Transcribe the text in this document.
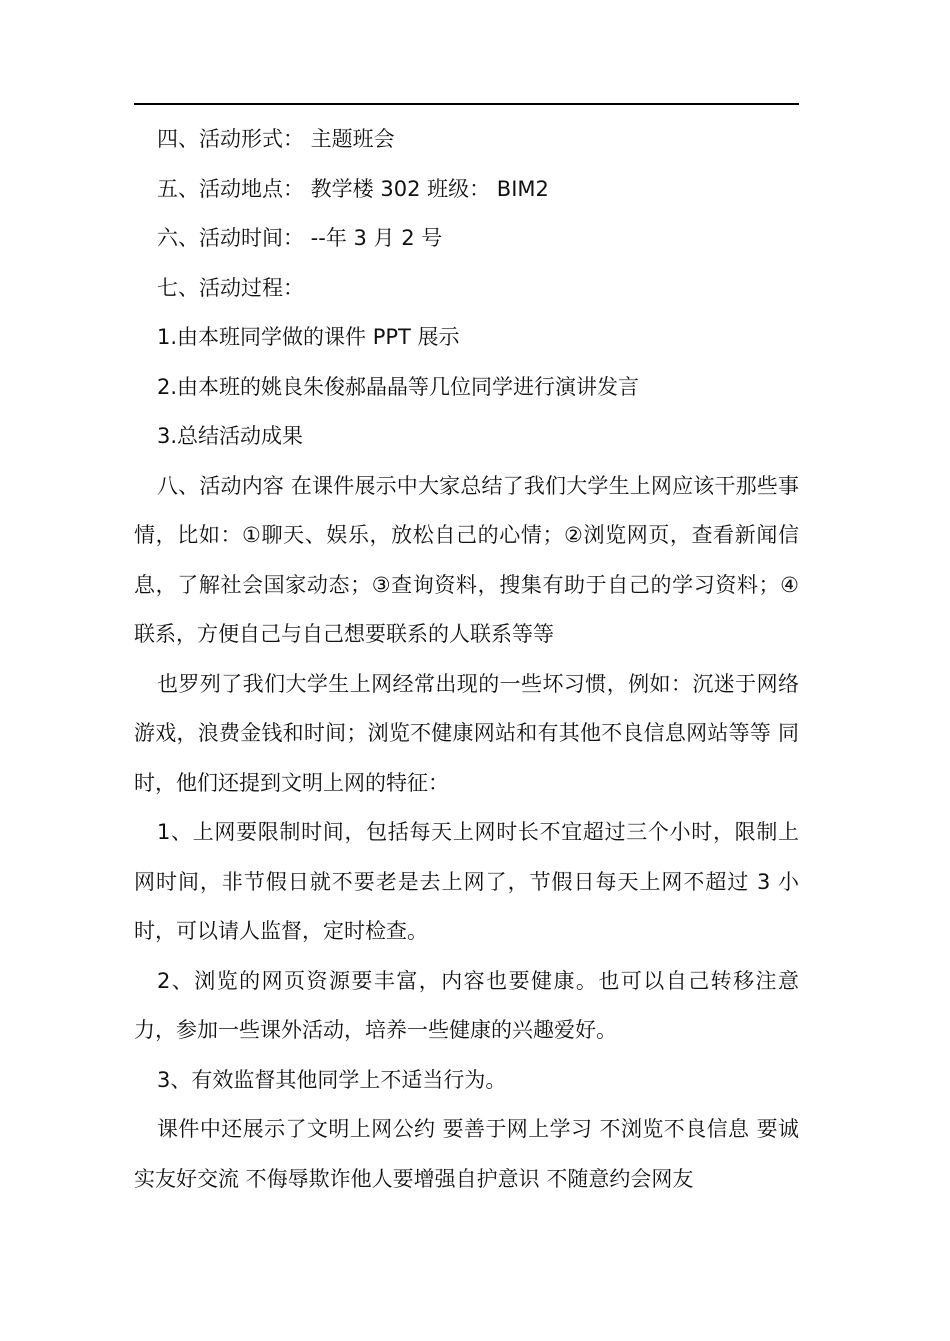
四、活动形式： 主题班会

五、活动地点： 教学楼 302 班级： BIM2

六、活动时间： --年 3 月 2 号

七、活动过程：

1.由本班同学做的课件 PPT 展示

2.由本班的姚良朱俊郝晶晶等几位同学进行演讲发言

3.总结活动成果

八、活动内容 在课件展示中大家总结了我们大学生上网应该干那些事情，比如：①聊天、娱乐，放松自己的心情；②浏览网页，查看新闻信息，了解社会国家动态；③查询资料，搜集有助于自己的学习资料；④联系，方便自己与自己想要联系的人联系等等

也罗列了我们大学生上网经常出现的一些坏习惯，例如：沉迷于网络游戏，浪费金钱和时间；浏览不健康网站和有其他不良信息网站等等 同时，他们还提到文明上网的特征：

1、上网要限制时间，包括每天上网时长不宜超过三个小时，限制上网时间，非节假日就不要老是去上网了，节假日每天上网不超过 3 小时，可以请人监督，定时检查。

2、浏览的网页资源要丰富，内容也要健康。也可以自己转移注意力，参加一些课外活动，培养一些健康的兴趣爱好。

3、有效监督其他同学上不适当行为。

课件中还展示了文明上网公约 要善于网上学习 不浏览不良信息 要诚实友好交流 不侮辱欺诈他人要增强自护意识 不随意约会网友
